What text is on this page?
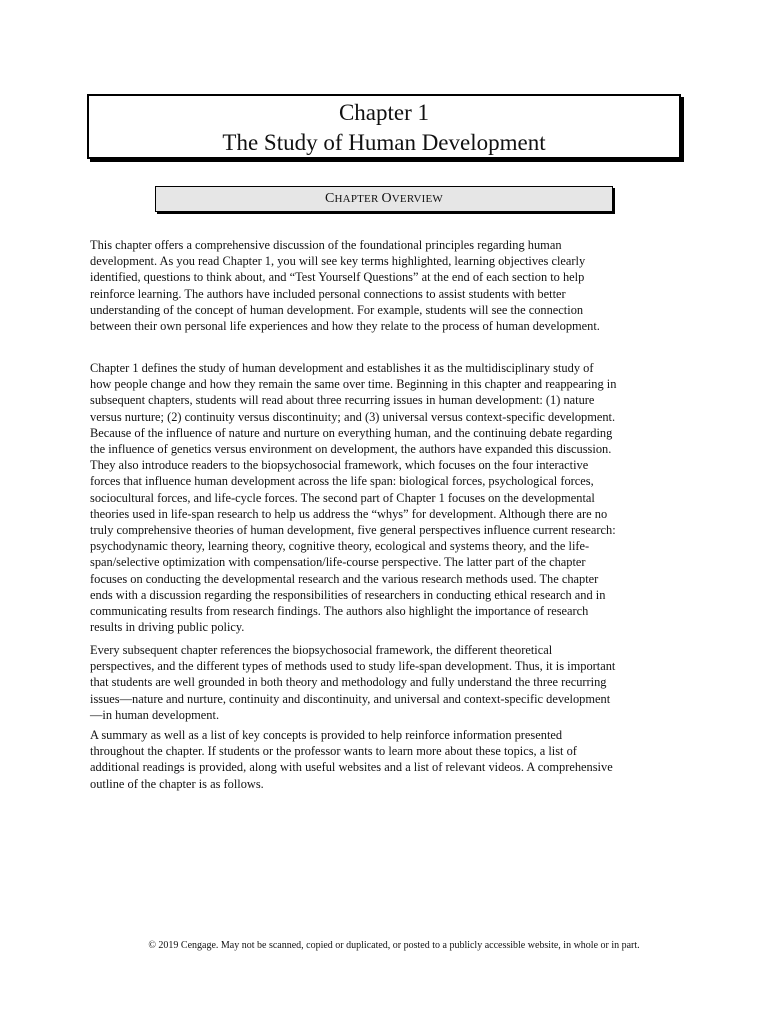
Chapter 1
The Study of Human Development
CHAPTER OVERVIEW
This chapter offers a comprehensive discussion of the foundational principles regarding human
development. As you read Chapter 1, you will see key terms highlighted, learning objectives clearly
identified, questions to think about, and “Test Yourself Questions” at the end of each section to help
reinforce learning. The authors have included personal connections to assist students with better
understanding of the concept of human development. For example, students will see the connection
between their own personal life experiences and how they relate to the process of human development.
Chapter 1 defines the study of human development and establishes it as the multidisciplinary study of
how people change and how they remain the same over time. Beginning in this chapter and reappearing in
subsequent chapters, students will read about three recurring issues in human development: (1) nature
versus nurture; (2) continuity versus discontinuity; and (3) universal versus context-specific development.
Because of the influence of nature and nurture on everything human, and the continuing debate regarding
the influence of genetics versus environment on development, the authors have expanded this discussion.
They also introduce readers to the biopsychosocial framework, which focuses on the four interactive
forces that influence human development across the life span: biological forces, psychological forces,
sociocultural forces, and life-cycle forces. The second part of Chapter 1 focuses on the developmental
theories used in life-span research to help us address the “whys” for development. Although there are no
truly comprehensive theories of human development, five general perspectives influence current research:
psychodynamic theory, learning theory, cognitive theory, ecological and systems theory, and the life-
span/selective optimization with compensation/life-course perspective. The latter part of the chapter
focuses on conducting the developmental research and the various research methods used. The chapter
ends with a discussion regarding the responsibilities of researchers in conducting ethical research and in
communicating results from research findings. The authors also highlight the importance of research
results in driving public policy.
Every subsequent chapter references the biopsychosocial framework, the different theoretical
perspectives, and the different types of methods used to study life-span development. Thus, it is important
that students are well grounded in both theory and methodology and fully understand the three recurring
issues—nature and nurture, continuity and discontinuity, and universal and context-specific development
—in human development.
A summary as well as a list of key concepts is provided to help reinforce information presented
throughout the chapter. If students or the professor wants to learn more about these topics, a list of
additional readings is provided, along with useful websites and a list of relevant videos. A comprehensive
outline of the chapter is as follows.
© 2019 Cengage. May not be scanned, copied or duplicated, or posted to a publicly accessible website, in whole or in part.
